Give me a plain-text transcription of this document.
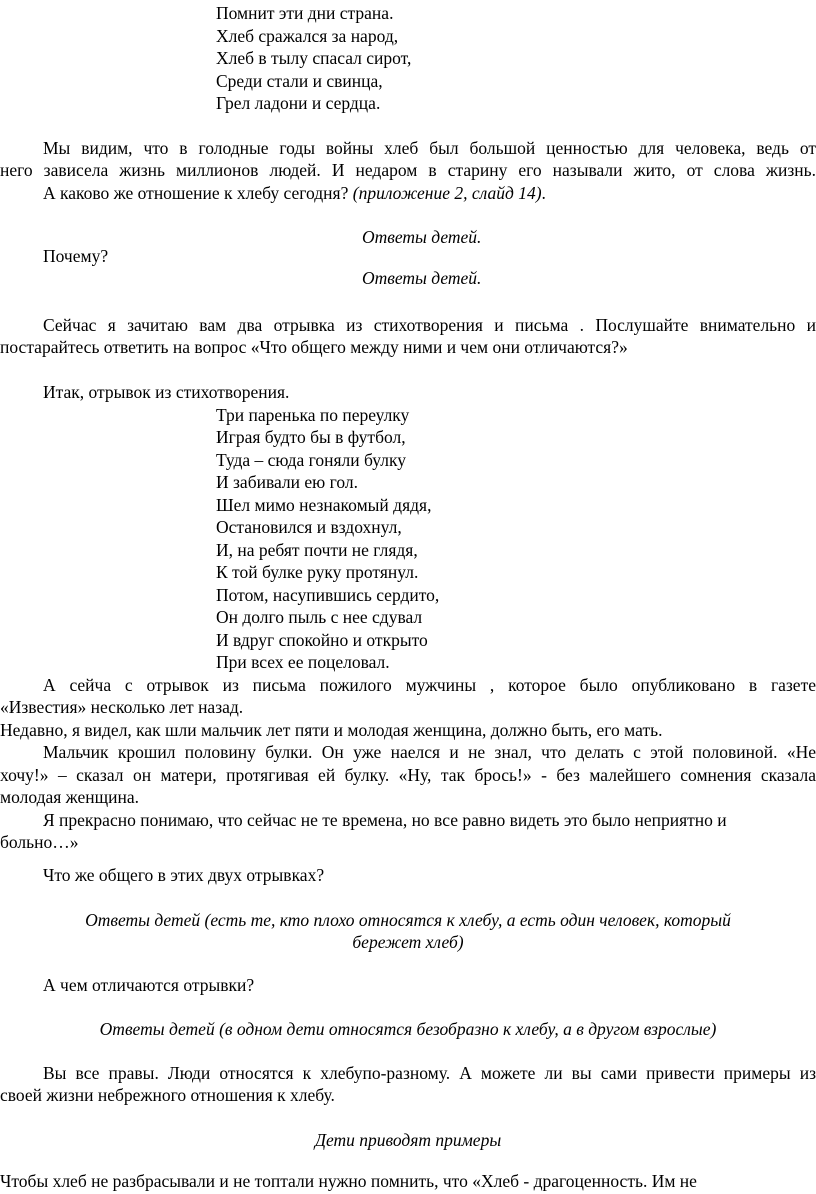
Помнит эти дни страна.
Хлеб сражался за народ,
Хлеб в тылу спасал сирот,
Среди стали и свинца,
Грел ладони и сердца.
Мы видим, что в голодные годы войны хлеб был большой ценностью для человека, ведь от
него зависела жизнь миллионов людей. И недаром в старину его называли жито, от слова жизнь.
А каково же отношение к хлебу сегодня? (приложение 2, слайд 14).
Ответы детей.
Почему?
Ответы детей.
Сейчас я зачитаю вам два отрывка из стихотворения и письма . Послушайте внимательно и
постарайтесь ответить на вопрос «Что общего между ними и чем они отличаются?»
Итак, отрывок из стихотворения.
Три паренька по переулку
Играя будто бы в футбол,
Туда – сюда гоняли булку
И забивали ею гол.
Шел мимо незнакомый дядя,
Остановился и вздохнул,
И, на ребят почти не глядя,
К той булке руку протянул.
Потом, насупившись сердито,
Он долго пыль с нее сдувал
И вдруг спокойно и открыто
При всех ее поцеловал.
А сейча с отрывок из письма пожилого мужчины , которое было опубликовано в газете
«Известия» несколько лет назад.
Недавно, я видел, как шли мальчик лет пяти и молодая женщина, должно быть, его мать.
Мальчик крошил половину булки. Он уже наелся и не знал, что делать с этой половиной. «Не
хочу!» – сказал он матери, протягивая ей булку. «Ну, так брось!» - без малейшего сомнения сказала
молодая женщина.
Я прекрасно понимаю, что сейчас не те времена, но все равно видеть это было неприятно и
больно…»
Что же общего в этих двух отрывках?
Ответы детей (есть те, кто плохо относятся к хлебу, а есть один человек, который
бережет хлеб)
А чем отличаются отрывки?
Ответы детей (в одном дети относятся безобразно к хлебу, а в другом взрослые)
Вы все правы. Люди относятся к хлебупо-разному. А можете ли вы сами привести примеры из
своей жизни небрежного отношения к хлебу.
Дети приводят примеры
Чтобы хлеб не разбрасывали и не топтали нужно помнить, что «Хлеб - драгоценность. Им не
